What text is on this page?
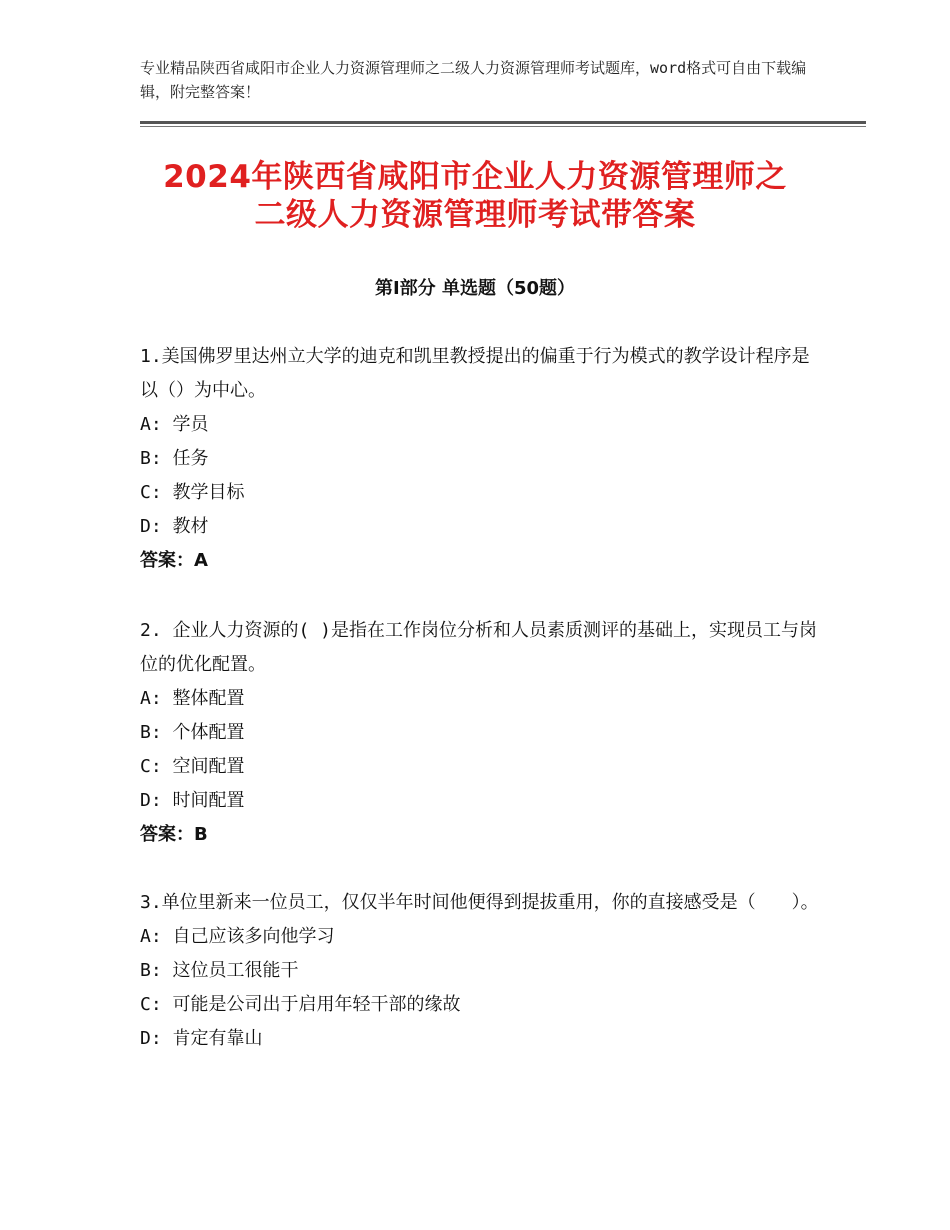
专业精品陕西省咸阳市企业人力资源管理师之二级人力资源管理师考试题库，word格式可自由下载编辑，附完整答案！
2024年陕西省咸阳市企业人力资源管理师之
二级人力资源管理师考试带答案
第Ⅰ部分 单选题（50题）

1.美国佛罗里达州立大学的迪克和凯里教授提出的偏重于行为模式的教学设计程序是以（）为中心。

A: 学员

B: 任务

C: 教学目标

D: 教材

答案：A

2. 企业人力资源的( )是指在工作岗位分析和人员素质测评的基础上，实现员工与岗位的优化配置。

A: 整体配置

B: 个体配置

C: 空间配置

D: 时间配置

答案：B

3.单位里新来一位员工，仅仅半年时间他便得到提拔重用，你的直接感受是（　　）。

A: 自己应该多向他学习

B: 这位员工很能干

C: 可能是公司出于启用年轻干部的缘故

D: 肯定有靠山
